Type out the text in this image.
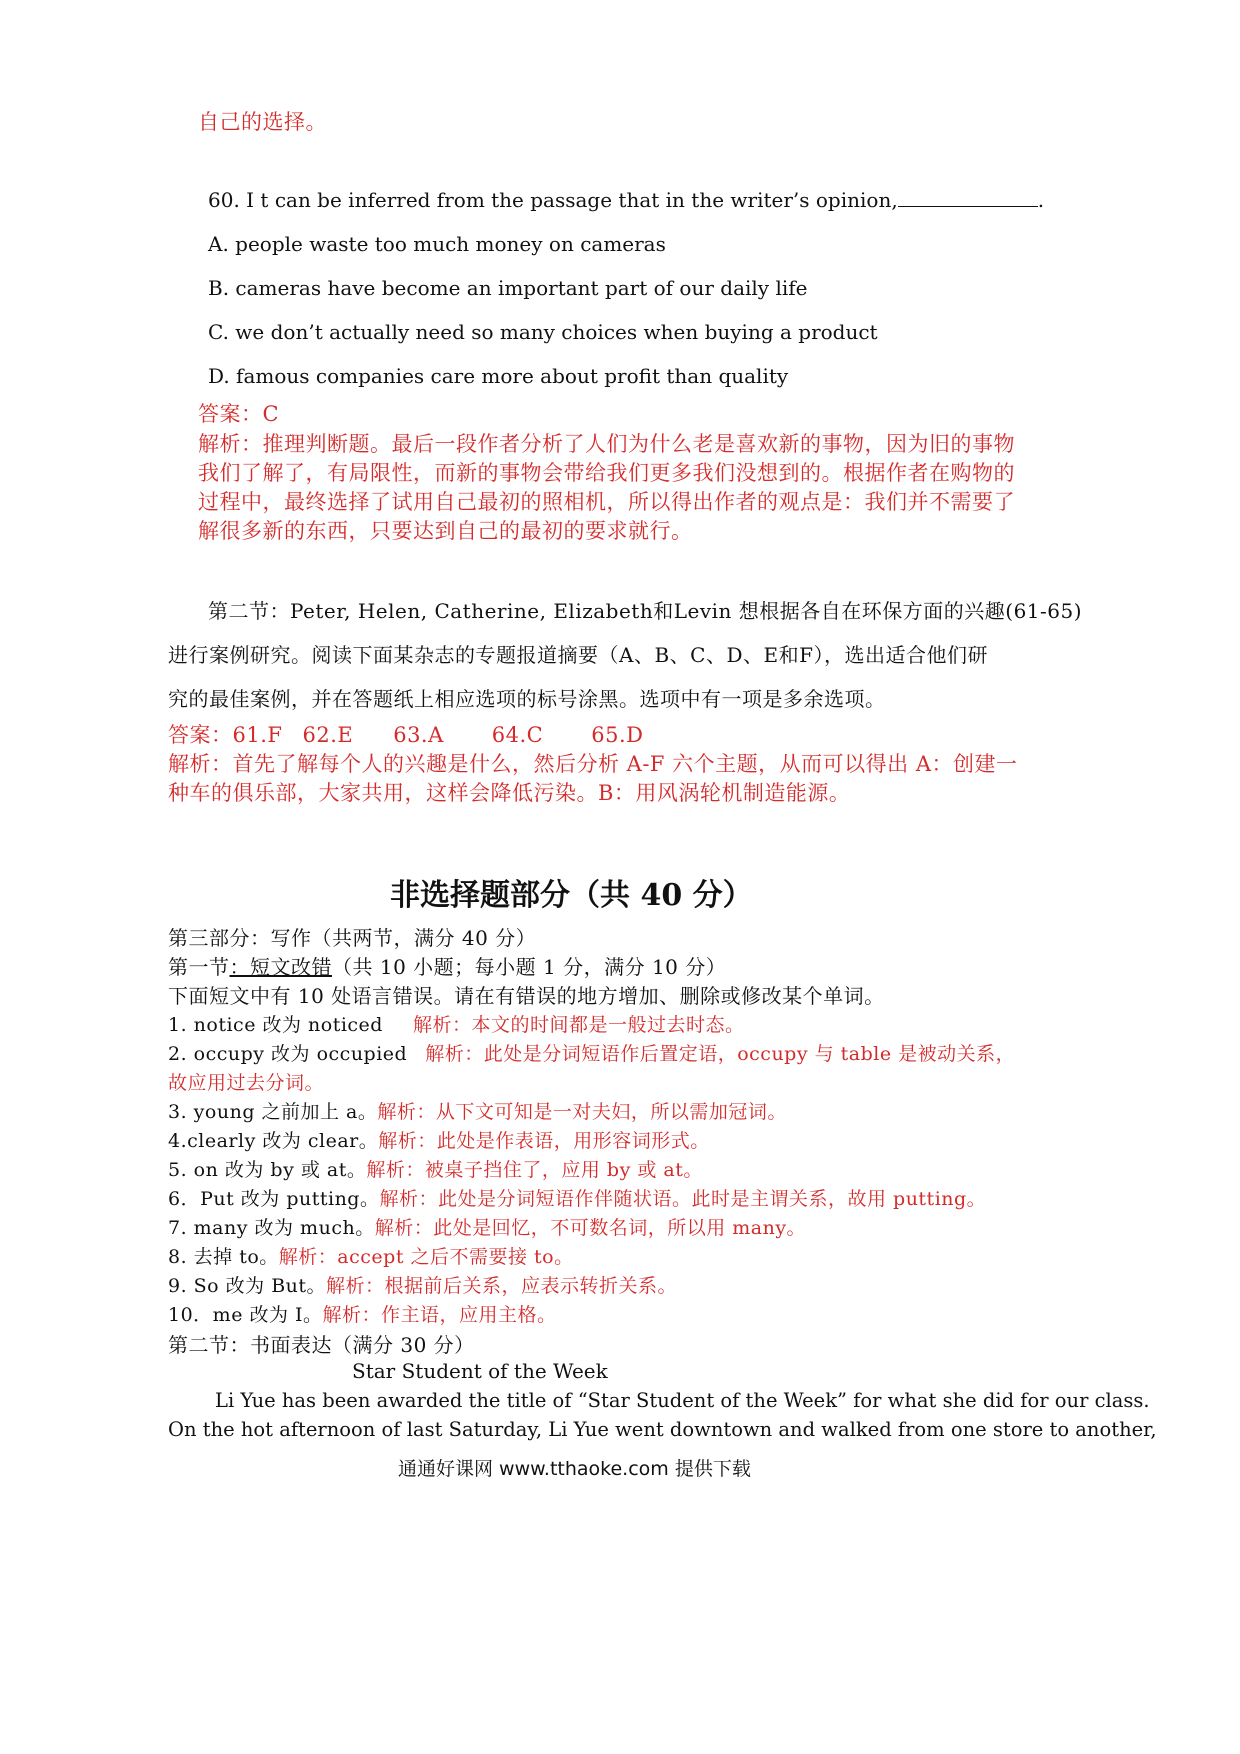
自己的选择。
60. I t can be inferred from the passage that in the writer’s opinion,	.
A. people waste too much money on cameras
B. cameras have become an important part of our daily life
C. we don’t actually need so many choices when buying a product
D. famous companies care more about profit than quality
答案：C
解析：推理判断题。最后一段作者分析了人们为什么老是喜欢新的事物，因为旧的事物
我们了解了，有局限性，而新的事物会带给我们更多我们没想到的。根据作者在购物的
过程中，最终选择了试用自己最初的照相机，所以得出作者的观点是：我们并不需要了
解很多新的东西，只要达到自己的最初的要求就行。
第二节：Peter, Helen, Catherine, Elizabeth和Levin 想根据各自在环保方面的兴趣(61-65)
进行案例研究。阅读下面某杂志的专题报道摘要（A、B、C、D、E和F），选出适合他们研
究的最佳案例，并在答题纸上相应选项的标号涂黑。选项中有一项是多余选项。
答案：61.F 62.E 63.A 64.C 65.D
解析：首先了解每个人的兴趣是什么，然后分析 A-F 六个主题，从而可以得出 A：创建一
种车的俱乐部，大家共用，这样会降低污染。B：用风涡轮机制造能源。
非选择题部分（共 40 分）
第三部分：写作（共两节，满分 40 分）
第一节：短文改错（共 10 小题；每小题 1 分，满分 10 分）
下面短文中有 10 处语言错误。请在有错误的地方增加、删除或修改某个单词。
1. notice 改为 noticed 解析：本文的时间都是一般过去时态。
2. occupy 改为 occupied 解析：此处是分词短语作后置定语，occupy 与 table 是被动关系，
故应用过去分词。
3. young 之前加上 a。解析：从下文可知是一对夫妇，所以需加冠词。
4.clearly 改为 clear。解析：此处是作表语，用形容词形式。
5. on 改为 by 或 at。解析：被桌子挡住了，应用 by 或 at。
6．Put 改为 putting。解析：此处是分词短语作伴随状语。此时是主谓关系，故用 putting。
7. many 改为 much。解析：此处是回忆，不可数名词，所以用 many。
8. 去掉 to。解析：accept 之后不需要接 to。
9. So 改为 But。解析：根据前后关系，应表示转折关系。
10．me 改为 I。解析：作主语，应用主格。
第二节：书面表达（满分 30 分）
Star Student of the Week
Li Yue has been awarded the title of “Star Student of the Week” for what she did for our class.
On the hot afternoon of last Saturday, Li Yue went downtown and walked from one store to another,
通通好课网 www.tthaoke.com 提供下载
